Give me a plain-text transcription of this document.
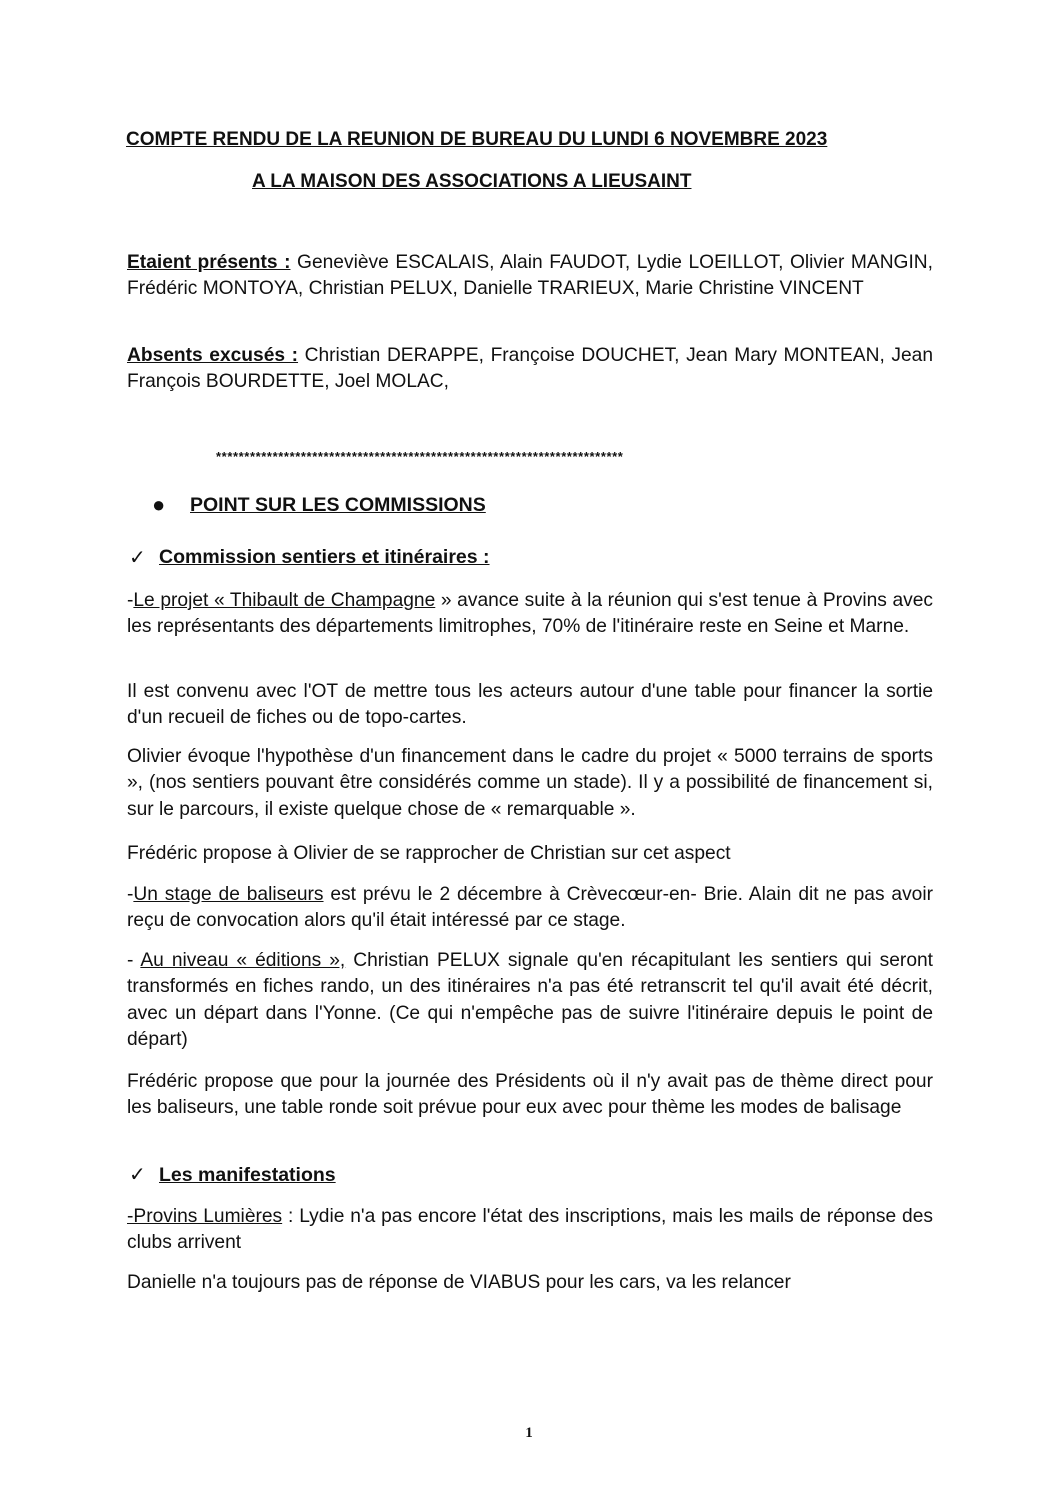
COMPTE RENDU DE LA REUNION DE BUREAU DU LUNDI 6 NOVEMBRE 2023
A LA MAISON DES ASSOCIATIONS A LIEUSAINT
Etaient présents : Geneviève ESCALAIS, Alain FAUDOT, Lydie LOEILLOT, Olivier MANGIN, Frédéric MONTOYA, Christian PELUX, Danielle TRARIEUX, Marie Christine VINCENT
Absents excusés : Christian DERAPPE, Françoise DOUCHET, Jean Mary MONTEAN, Jean François BOURDETTE, Joel MOLAC,
************************************************************************
● POINT SUR LES COMMISSIONS
✓ Commission sentiers et itinéraires :
-Le projet « Thibault de Champagne » avance suite à la réunion qui s'est tenue à Provins avec les représentants des départements limitrophes, 70% de l'itinéraire reste en Seine et Marne.
Il est convenu avec l'OT de mettre tous les acteurs autour d'une table pour financer la sortie d'un recueil de fiches ou de topo-cartes.
Olivier évoque l'hypothèse d'un financement dans le cadre du projet « 5000 terrains de sports », (nos sentiers pouvant être considérés comme un stade). Il y a possibilité de financement si, sur le parcours, il existe quelque chose de « remarquable ».
Frédéric propose à Olivier de se rapprocher de Christian sur cet aspect
-Un stage de baliseurs est prévu le 2 décembre à Crèvecœur-en- Brie. Alain dit ne pas avoir reçu de convocation alors qu'il était intéressé par ce stage.
- Au niveau « éditions », Christian PELUX signale qu'en récapitulant les sentiers qui seront transformés en fiches rando, un des itinéraires n'a pas été retranscrit tel qu'il avait été décrit, avec un départ dans l'Yonne. (Ce qui n'empêche pas de suivre l'itinéraire depuis le point de départ)
Frédéric propose que pour la journée des Présidents où il n'y avait pas de thème direct pour les baliseurs, une table ronde soit prévue pour eux avec pour thème les modes de balisage
✓ Les manifestations
-Provins Lumières : Lydie n'a pas encore l'état des inscriptions, mais les mails de réponse des clubs arrivent
Danielle n'a toujours pas de réponse de VIABUS pour les cars, va les relancer
1
